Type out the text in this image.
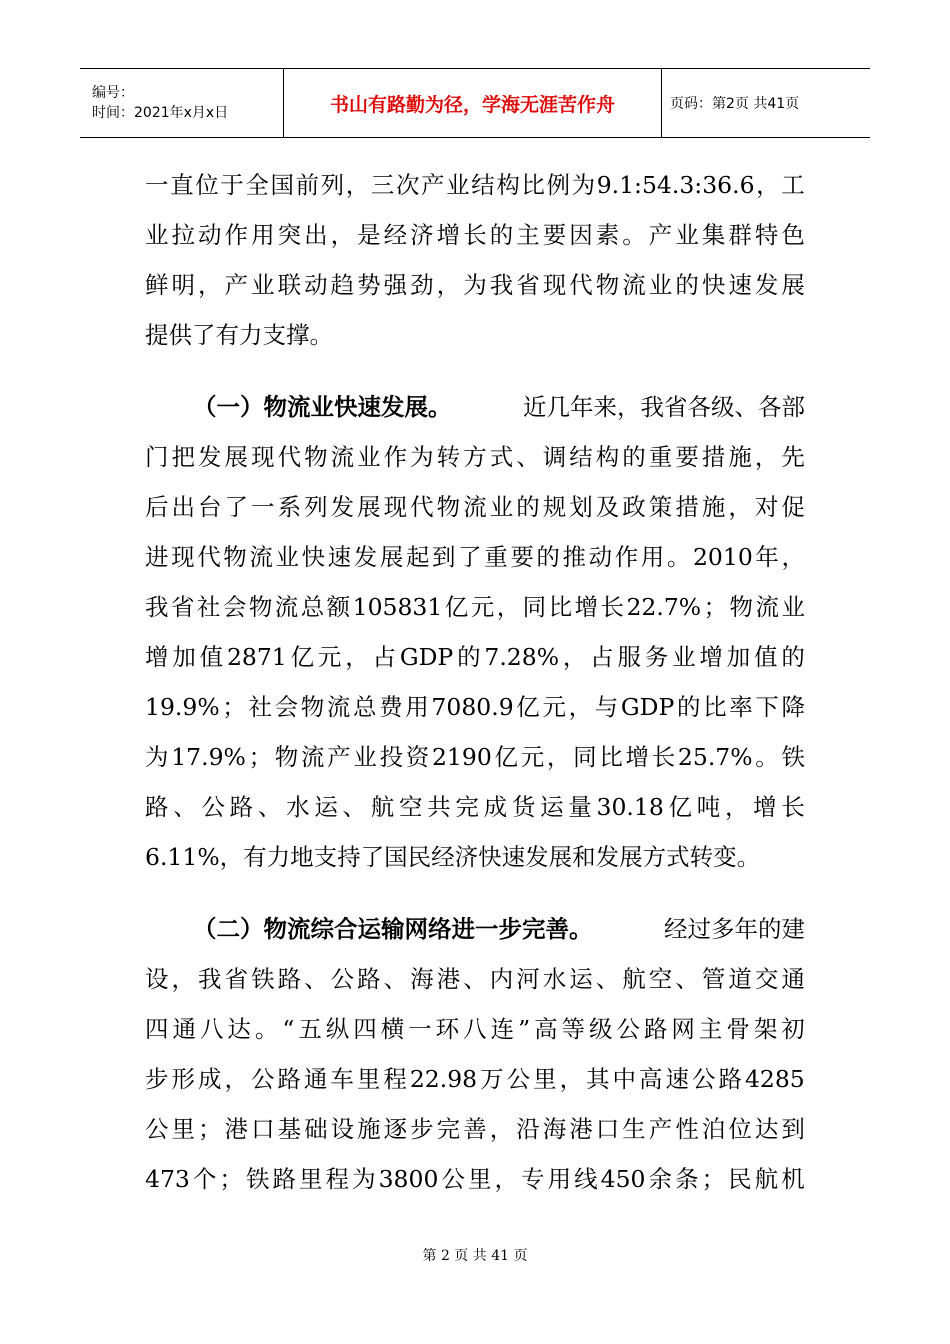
编号：
时间：2021年x月x日	书山有路勤为径，学海无涯苦作舟	页码：第2页 共41页
一 直 位 于 全 国 前 列 ， 三 次 产 业 结 构 比 例 为 9.1:54.3:36.6 ， 工
业 拉 动 作 用 突 出 ， 是 经 济 增 长 的 主 要 因 素 。 产 业 集 群 特 色
鲜 明 ， 产 业 联 动 趋 势 强 劲 ， 为 我 省 现 代 物 流 业 的 快 速 发 展
提供了有力支撑。
（一）物流业快速发展。	近几年来，我省各级、各部
门 把 发 展 现 代 物 流 业 作 为 转 方 式 、 调 结 构 的 重 要 措 施 ， 先
后 出 台 了 一 系 列 发 展 现 代 物 流 业 的 规 划 及 政 策 措 施 ， 对 促
进 现 代 物 流 业 快 速 发 展 起 到 了 重 要 的 推 动 作 用 。 2010 年 ，
我 省 社 会 物 流 总 额 105831 亿 元 ， 同 比 增 长 22.7% ； 物 流 业
增 加 值 2871 亿 元 ， 占 GDP 的 7.28% ， 占 服 务 业 增 加 值 的
19.9% ； 社 会 物 流 总 费 用 7080.9 亿 元 ， 与 GDP 的 比 率 下 降
为 17.9% ； 物 流 产 业 投 资 2190 亿 元 ， 同 比 增 长 25.7% 。 铁
路 、 公 路 、 水 运 、 航 空 共 完 成 货 运 量 30.18 亿 吨 ， 增 长
6.11%，有力地支持了国民经济快速发展和发展方式转变。
（二）物流综合运输网络进一步完善。	经过多年的建
设 ， 我 省 铁 路 、 公 路 、 海 港 、 内 河 水 运 、 航 空 、 管 道 交 通
四 通 八 达 。 “ 五 纵 四 横 一 环 八 连 ” 高 等 级 公 路 网 主 骨 架 初
步 形 成 ， 公 路 通 车 里 程 22.98 万 公 里 ， 其 中 高 速 公 路 4285
公 里 ； 港 口 基 础 设 施 逐 步 完 善 ， 沿 海 港 口 生 产 性 泊 位 达 到
473 个 ； 铁 路 里 程 为 3800 公 里 ， 专 用 线 450 余 条 ； 民 航 机
第 2 页 共 41 页
